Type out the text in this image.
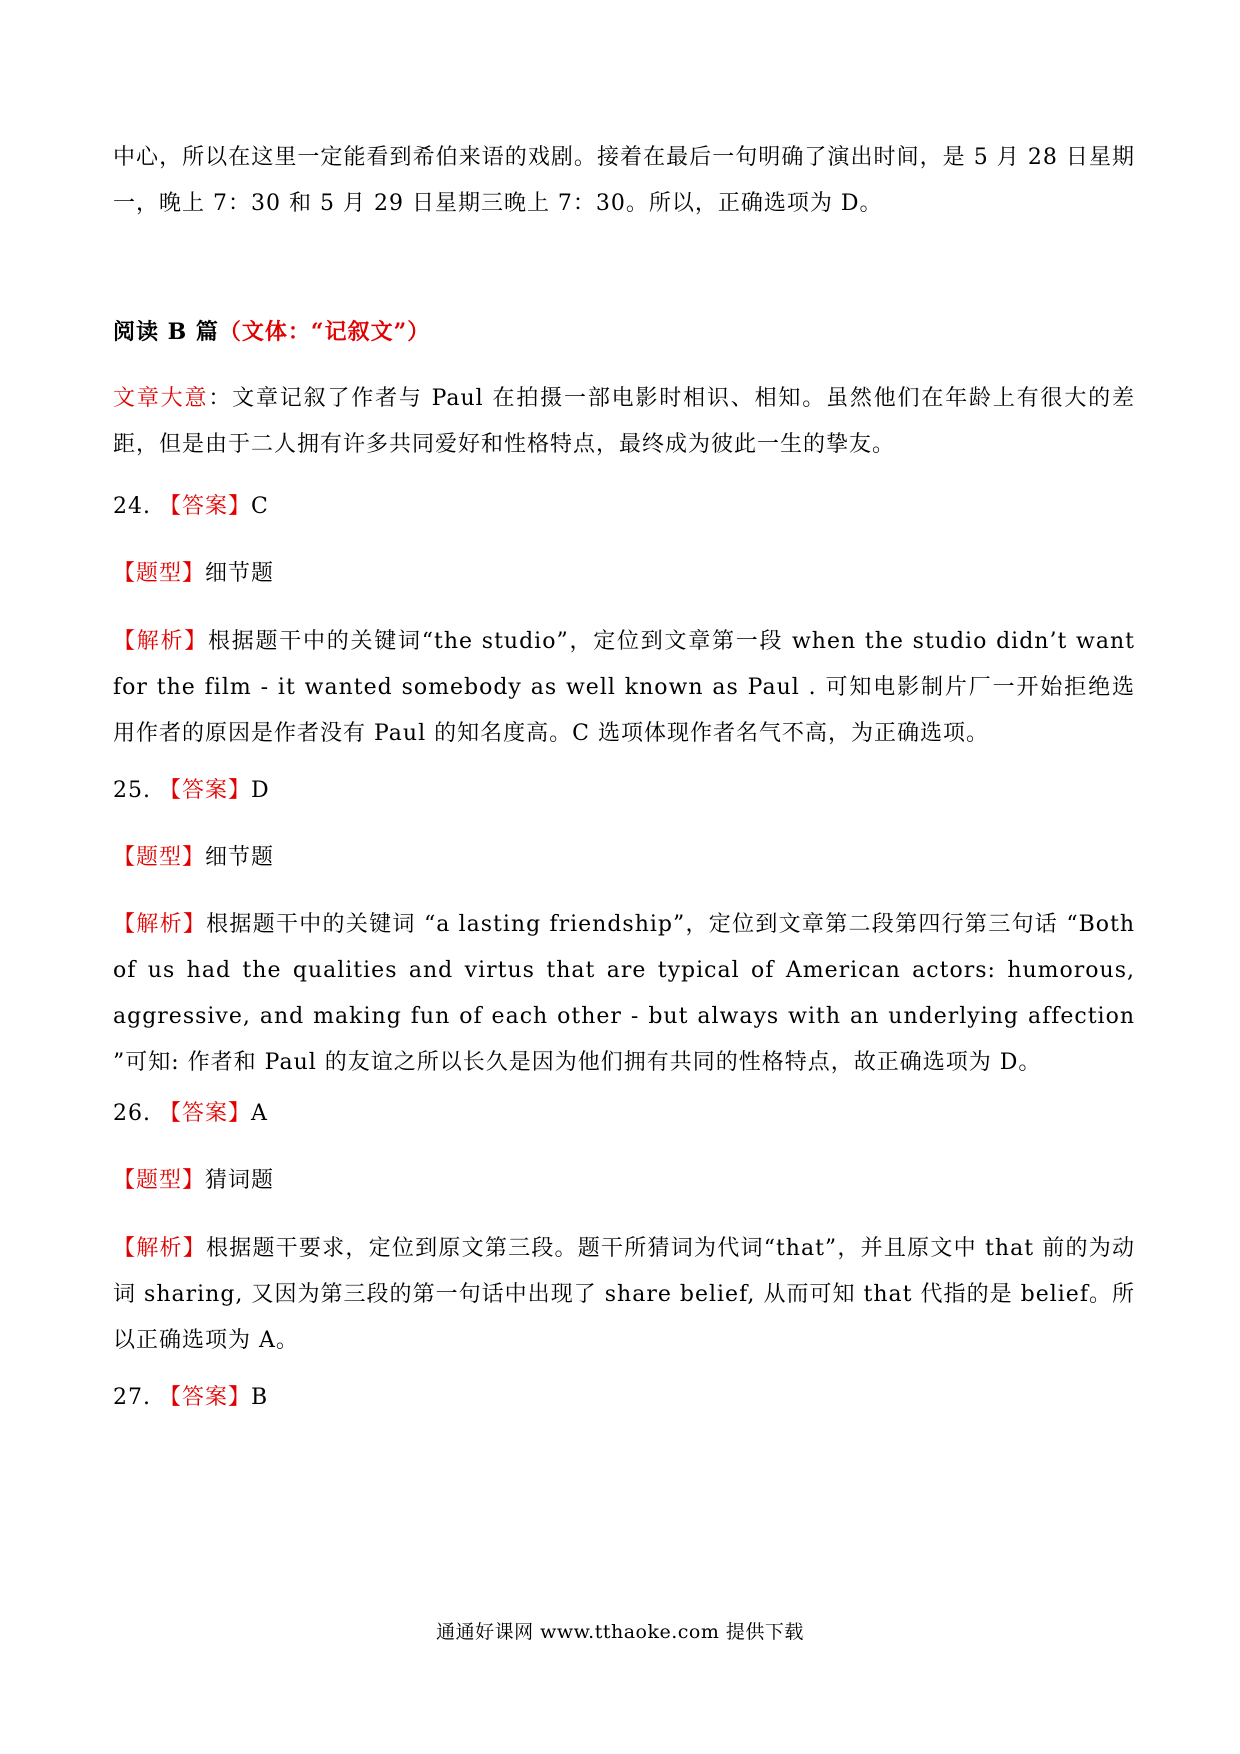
中心，所以在这里一定能看到希伯来语的戏剧。接着在最后一句明确了演出时间，是 5 月 28 日星期一，晚上 7：30 和 5 月 29 日星期三晚上 7：30。所以，正确选项为 D。

阅读 B 篇（文体：“记叙文”）

文章大意：文章记叙了作者与 Paul 在拍摄一部电影时相识、相知。虽然他们在年龄上有很大的差距，但是由于二人拥有许多共同爱好和性格特点，最终成为彼此一生的挚友。

24. 【答案】C

【题型】细节题

【解析】根据题干中的关键词“the studio”，定位到文章第一段 when the studio didn’t want for the film - it wanted somebody as well known as Paul . 可知电影制片厂一开始拒绝选用作者的原因是作者没有 Paul 的知名度高。C 选项体现作者名气不高，为正确选项。

25. 【答案】D

【题型】细节题

【解析】根据题干中的关键词 “a lasting friendship”，定位到文章第二段第四行第三句话 “Both of us had the qualities and virtus that are typical of American actors: humorous, aggressive, and making fun of each other - but always with an underlying affection ”可知: 作者和 Paul 的友谊之所以长久是因为他们拥有共同的性格特点，故正确选项为 D。

26. 【答案】A

【题型】猜词题

【解析】根据题干要求，定位到原文第三段。题干所猜词为代词“that”，并且原文中 that 前的为动词 sharing, 又因为第三段的第一句话中出现了 share belief, 从而可知 that 代指的是 belief。所以正确选项为 A。

27. 【答案】B

通通好课网 www.tthaoke.com 提供下载
